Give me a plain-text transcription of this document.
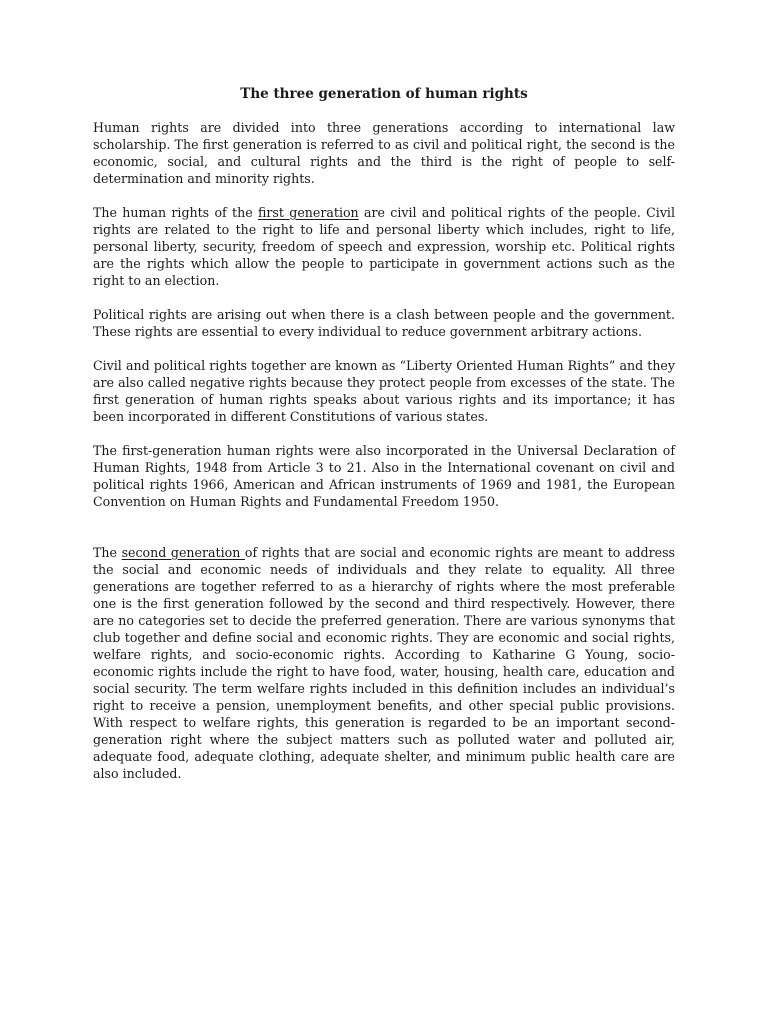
The three generation of human rights

Human rights are divided into three generations according to international law scholarship. The first generation is referred to as civil and political right, the second is the economic, social, and cultural rights and the third is the right of people to self-determination and minority rights.

The human rights of the first generation are civil and political rights of the people. Civil rights are related to the right to life and personal liberty which includes, right to life, personal liberty, security, freedom of speech and expression, worship etc. Political rights are the rights which allow the people to participate in government actions such as the right to an election.

Political rights are arising out when there is a clash between people and the government. These rights are essential to every individual to reduce government arbitrary actions.

Civil and political rights together are known as “Liberty Oriented Human Rights” and they are also called negative rights because they protect people from excesses of the state. The first generation of human rights speaks about various rights and its importance; it has been incorporated in different Constitutions of various states.

The first-generation human rights were also incorporated in the Universal Declaration of Human Rights, 1948 from Article 3 to 21. Also in the International covenant on civil and political rights 1966, American and African instruments of 1969 and 1981, the European Convention on Human Rights and Fundamental Freedom 1950.

The second generation of rights that are social and economic rights are meant to address the social and economic needs of individuals and they relate to equality. All three generations are together referred to as a hierarchy of rights where the most preferable one is the first generation followed by the second and third respectively. However, there are no categories set to decide the preferred generation. There are various synonyms that club together and define social and economic rights. They are economic and social rights, welfare rights, and socio-economic rights. According to Katharine G Young, socio-economic rights include the right to have food, water, housing, health care, education and social security. The term welfare rights included in this definition includes an individual’s right to receive a pension, unemployment benefits, and other special public provisions. With respect to welfare rights, this generation is regarded to be an important second-generation right where the subject matters such as polluted water and polluted air, adequate food, adequate clothing, adequate shelter, and minimum public health care are also included.
